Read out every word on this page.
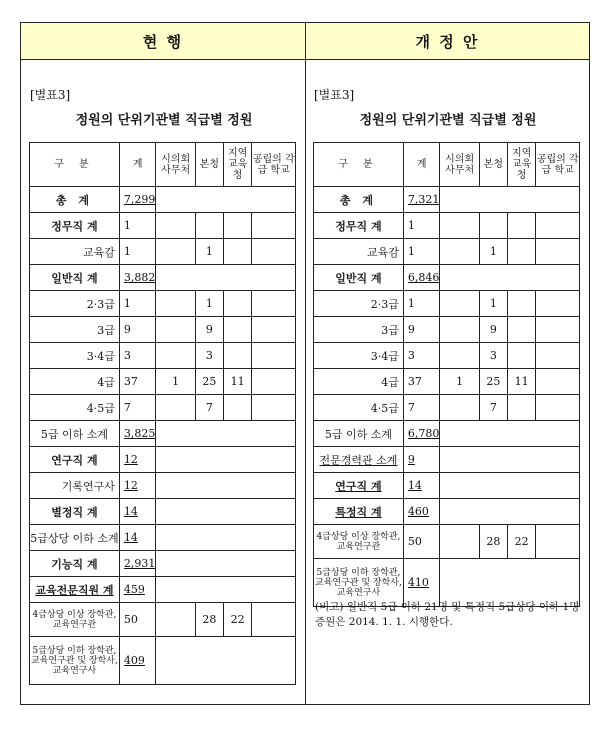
현 행	개 정 안
[별표3]
정원의 단위기관별 직급별 정원
[별표3]
정원의 단위기관별 직급별 정원
구 분	계	시의회 사무처	본청	지역 교육청	공립의 각급 학교
총 계	7,299				
정무직 계	1				
교육감	1		1		
일반직 계	3,882				
2·3급	1		1		
3급	9		9		
3·4급	3		3		
4급	37	1	25	11	
4·5급	7		7		
5급 이하 소계	3,825				
연구직 계	12				
기록연구사	12				
별정직 계	14				
5급상당 이하 소계	14				
기능직 계	2,931				
교육전문직원 계	459				
4급상당 이상 장학관,교육연구관	50		28	22	
5급상당 이하 장학관,교육연구관 및 장학사,교육연구사	409				
구 분	계	시의회 사무처	본청	지역 교육청	공립의 각급 학교
총 계	7,321				
정무직 계	1				
교육감	1		1		
일반직 계	6,846				
2·3급	1		1		
3급	9		9		
3·4급	3		3		
4급	37	1	25	11	
4·5급	7		7		
5급 이하 소계	6,780				
전문경력관 소계	9				
연구직 계	14				
특정직 계	460				
4급상당 이상 장학관,교육연구관	50		28	22	
5급상당 이하 장학관,교육연구관 및 장학사,교육연구사	410				
(비고) 일반직 5급 이하 21명 및 특정직 5급상당 이하 1명 증원은 2014. 1. 1. 시행한다.
